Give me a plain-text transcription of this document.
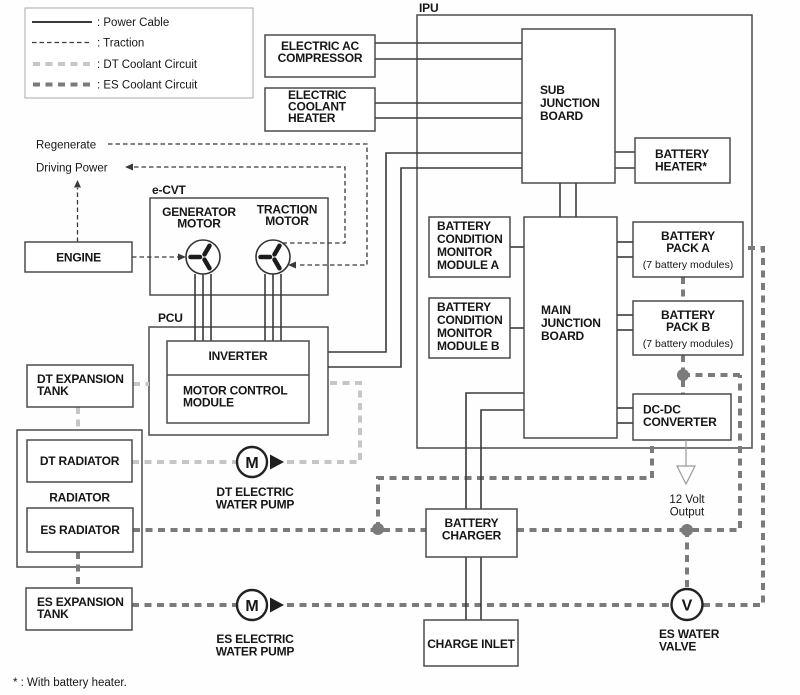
M
M	V
: Power Cable
: Traction
: DT Coolant Circuit
: ES Coolant Circuit
IPU
e-CVT
PCU
Regenerate
Driving Power
12 Volt
Output
* : With battery heater.
ELECTRIC AC
COMPRESSOR
ELECTRIC
COOLANT
HEATER
SUB
JUNCTION
BOARD
BATTERY
HEATER*
BATTERY
CONDITION
MONITOR
MODULE A
BATTERY
CONDITION
MONITOR
MODULE B
MAIN
JUNCTION
BOARD
BATTERY
PACK A
(7 battery modules)
BATTERY
PACK B
(7 battery modules)
DC-DC
CONVERTER
ENGINE
GENERATOR
MOTOR
TRACTION
MOTOR
INVERTER
MOTOR CONTROL
MODULE
DT EXPANSION
TANK
DT RADIATOR
RADIATOR
ES RADIATOR
ES EXPANSION
TANK
BATTERY
CHARGER
CHARGE INLET
DT ELECTRIC
WATER PUMP
ES ELECTRIC
WATER PUMP
ES WATER
VALVE
